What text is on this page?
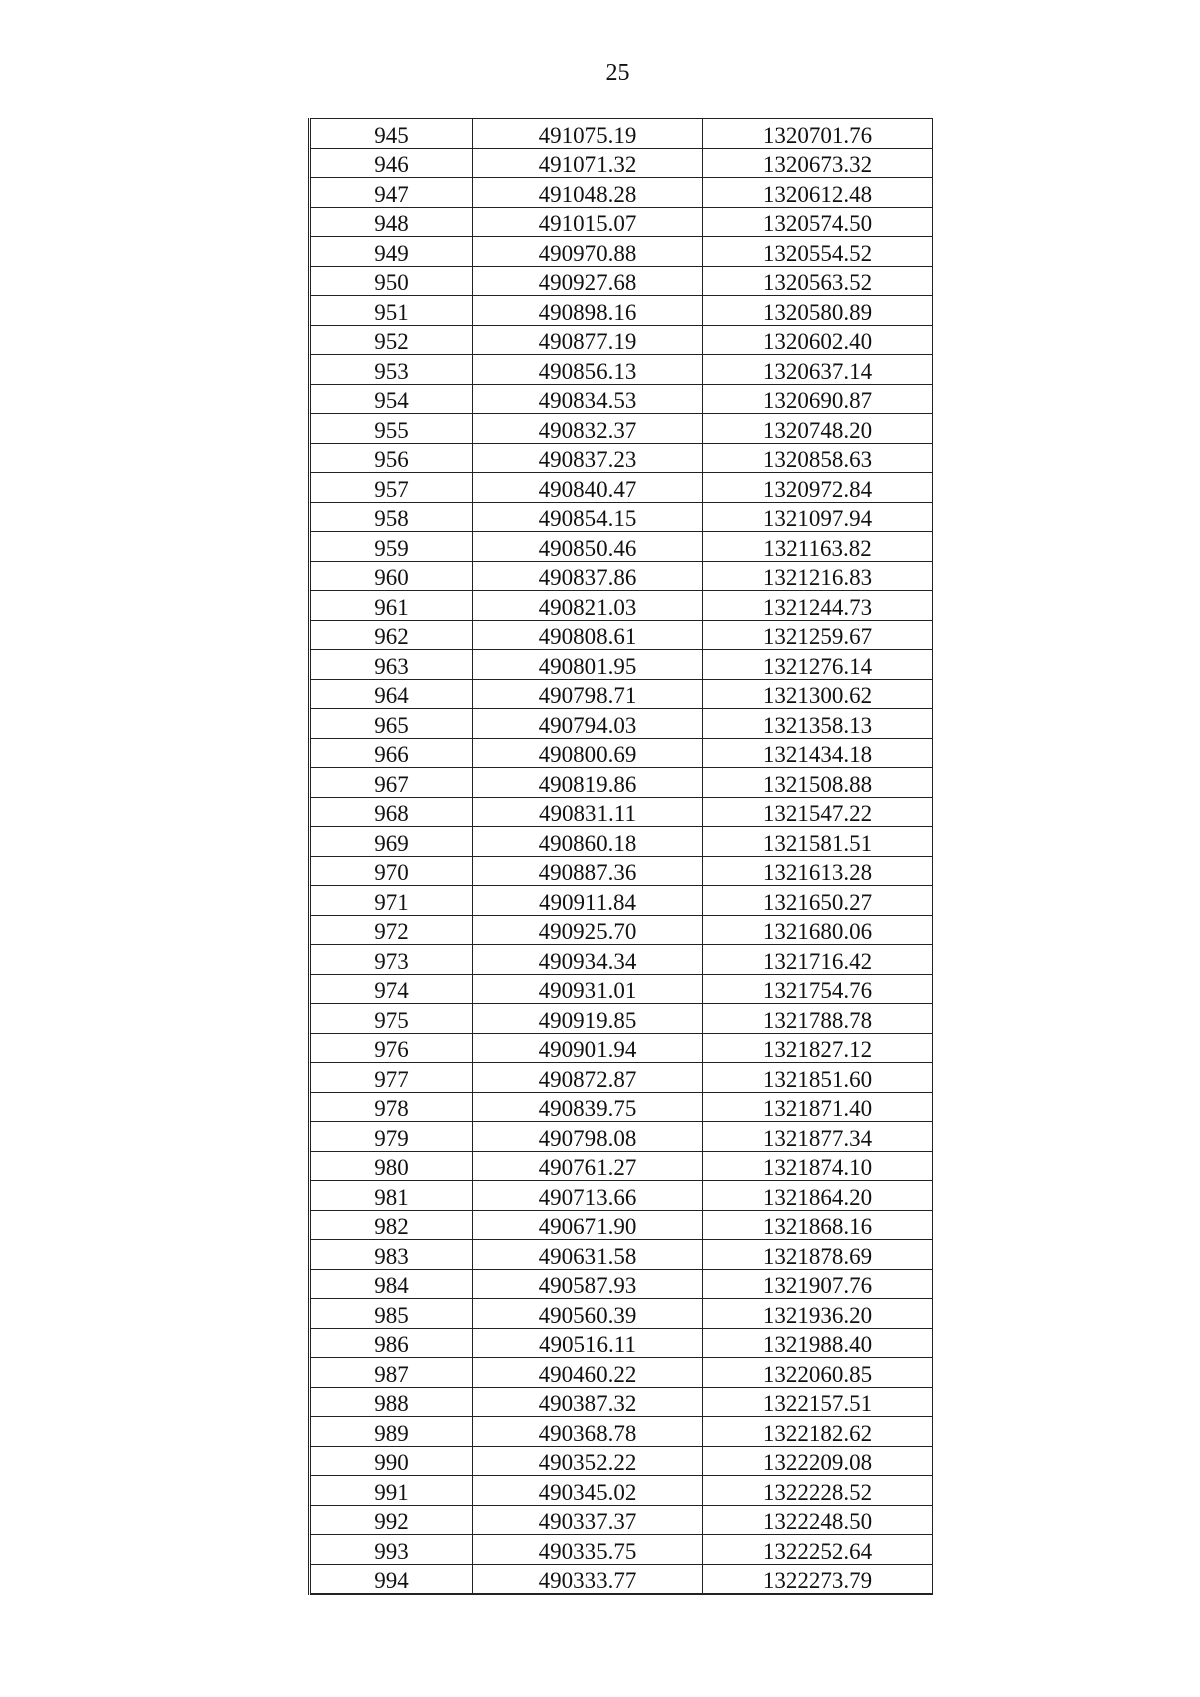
25
945	491075.19	1320701.76
946	491071.32	1320673.32
947	491048.28	1320612.48
948	491015.07	1320574.50
949	490970.88	1320554.52
950	490927.68	1320563.52
951	490898.16	1320580.89
952	490877.19	1320602.40
953	490856.13	1320637.14
954	490834.53	1320690.87
955	490832.37	1320748.20
956	490837.23	1320858.63
957	490840.47	1320972.84
958	490854.15	1321097.94
959	490850.46	1321163.82
960	490837.86	1321216.83
961	490821.03	1321244.73
962	490808.61	1321259.67
963	490801.95	1321276.14
964	490798.71	1321300.62
965	490794.03	1321358.13
966	490800.69	1321434.18
967	490819.86	1321508.88
968	490831.11	1321547.22
969	490860.18	1321581.51
970	490887.36	1321613.28
971	490911.84	1321650.27
972	490925.70	1321680.06
973	490934.34	1321716.42
974	490931.01	1321754.76
975	490919.85	1321788.78
976	490901.94	1321827.12
977	490872.87	1321851.60
978	490839.75	1321871.40
979	490798.08	1321877.34
980	490761.27	1321874.10
981	490713.66	1321864.20
982	490671.90	1321868.16
983	490631.58	1321878.69
984	490587.93	1321907.76
985	490560.39	1321936.20
986	490516.11	1321988.40
987	490460.22	1322060.85
988	490387.32	1322157.51
989	490368.78	1322182.62
990	490352.22	1322209.08
991	490345.02	1322228.52
992	490337.37	1322248.50
993	490335.75	1322252.64
994	490333.77	1322273.79
